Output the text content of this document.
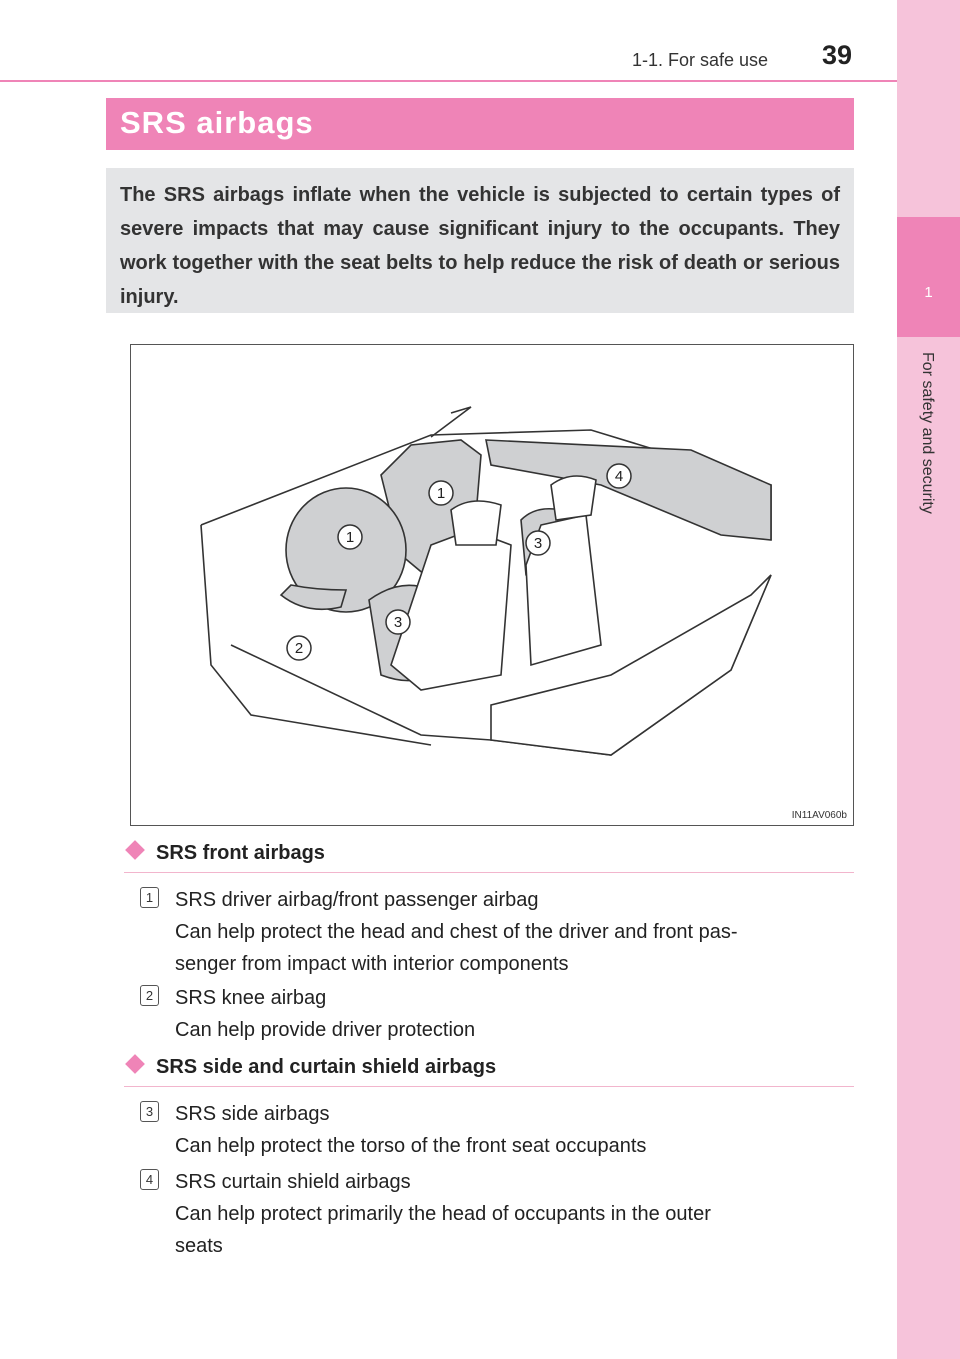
1
For safety and security
1-1. For safe use 39
SRS airbags

The SRS airbags inflate when the vehicle is subjected to certain types of severe impacts that may cause significant injury to the occupants. They work together with the seat belts to help reduce the risk of death or serious injury.

1
1
2
3
3
4
IN11AV060b
SRS front airbags
1 SRS driver airbag/front passenger airbag
Can help protect the head and chest of the driver and front pas-
senger from impact with interior components
2 SRS knee airbag
Can help provide driver protection
SRS side and curtain shield airbags
3 SRS side airbags
Can help protect the torso of the front seat occupants
4 SRS curtain shield airbags
Can help protect primarily the head of occupants in the outer
seats
